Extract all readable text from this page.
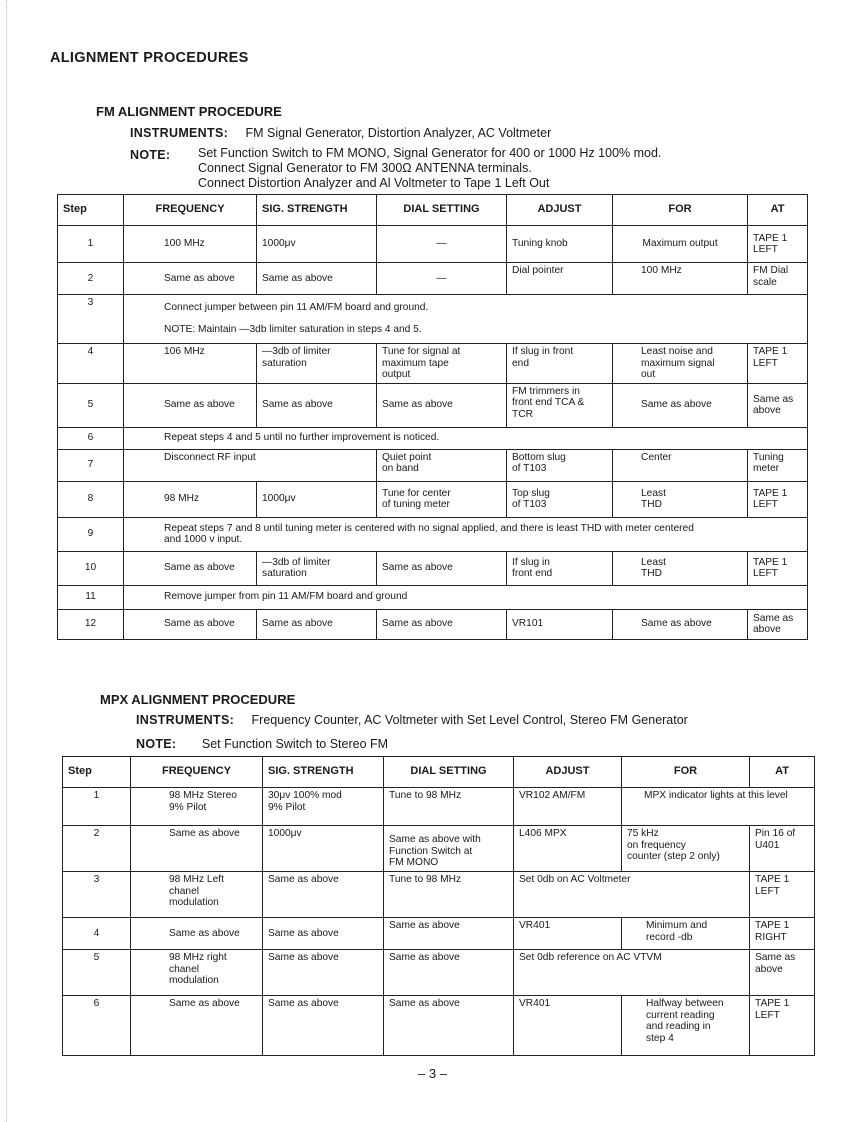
ALIGNMENT PROCEDURES
FM ALIGNMENT PROCEDURE
INSTRUMENTS: FM Signal Generator, Distortion Analyzer, AC Voltmeter
NOTE: Set Function Switch to FM MONO, Signal Generator for 400 or 1000 Hz 100% mod.
Connect Signal Generator to FM 300Ω ANTENNA terminals.
Connect Distortion Analyzer and Al Voltmeter to Tape 1 Left Out
Step	FREQUENCY	SIG. STRENGTH	DIAL SETTING	ADJUST	FOR	AT
1	100 MHz	1000μv	—	Tuning knob	Maximum output	TAPE 1
LEFT
2	Same as above	Same as above	—	Dial pointer	100 MHz	FM Dial
scale
3	Connect jumper between pin 11 AM/FM board and ground.
NOTE: Maintain —3db limiter saturation in steps 4 and 5.					
4	106 MHz	—3db of limiter
saturation	Tune for signal at
maximum tape
output	If slug in front
end	Least noise and
maximum signal
out	TAPE 1
LEFT
5	Same as above	Same as above	Same as above	FM trimmers in
front end TCA &
TCR	Same as above	Same as
above
6	Repeat steps 4 and 5 until no further improvement is noticed.					
7	Disconnect RF input		Quiet point
on band	Bottom slug
of T103	Center	Tuning
meter
8	98 MHz	1000μv	Tune for center
of tuning meter	Top slug
of T103	Least
THD	TAPE 1
LEFT
9	Repeat steps 7 and 8 until tuning meter is centered with no signal applied, and there is least THD with meter centered
and 1000 v input.					
10	Same as above	—3db of limiter
saturation	Same as above	If slug in
front end	Least
THD	TAPE 1
LEFT
11	Remove jumper from pin 11 AM/FM board and ground					
12	Same as above	Same as above	Same as above	VR101	Same as above	Same as
above
MPX ALIGNMENT PROCEDURE
INSTRUMENTS: Frequency Counter, AC Voltmeter with Set Level Control, Stereo FM Generator
NOTE: Set Function Switch to Stereo FM
Step	FREQUENCY	SIG. STRENGTH	DIAL SETTING	ADJUST	FOR	AT
1	98 MHz Stereo
9% Pilot	30μv 100% mod
9% Pilot	Tune to 98 MHz	VR102 AM/FM	MPX indicator lights at this level	
2	Same as above	1000μv	Same as above with
Function Switch at
FM MONO	L406 MPX	75 kHz
on frequency
counter (step 2 only)	Pin 16 of
U401
3	98 MHz Left
chanel
modulation	Same as above	Tune to 98 MHz	Set 0db on AC Voltmeter		TAPE 1
LEFT
4	Same as above	Same as above	Same as above	VR401	Minimum and
record -db	TAPE 1
RIGHT
5	98 MHz right
chanel
modulation	Same as above	Same as above	Set 0db reference on AC VTVM		Same as
above
6	Same as above	Same as above	Same as above	VR401	Halfway between
current reading
and reading in
step 4	TAPE 1
LEFT
– 3 –
